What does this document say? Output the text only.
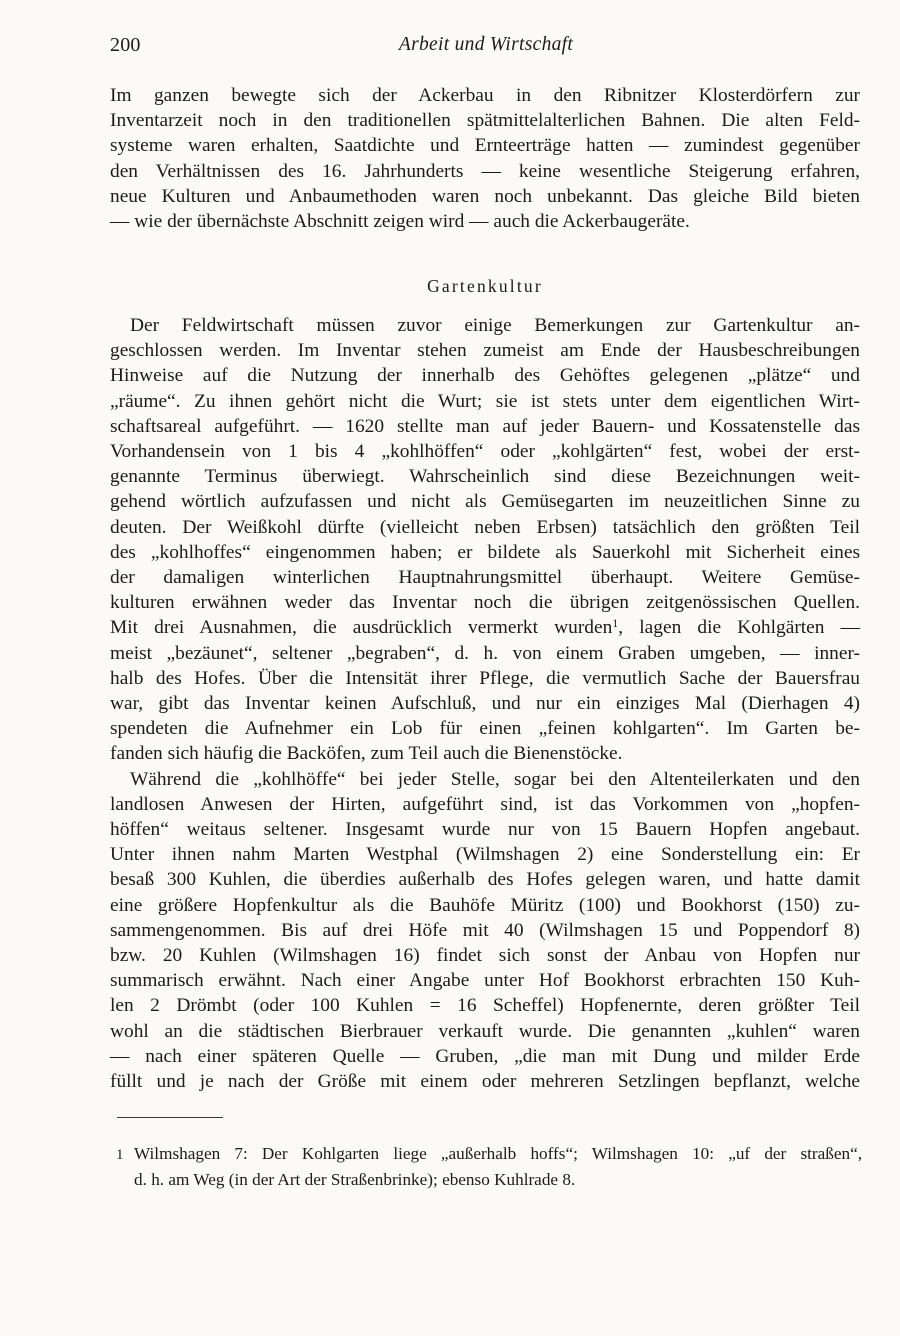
200	Arbeit und Wirtschaft

Im ganzen bewegte sich der Ackerbau in den Ribnitzer Klosterdörfern zur

Inventarzeit noch in den traditionellen spätmittelalterlichen Bahnen. Die alten Feld-

systeme waren erhalten, Saatdichte und Ernteerträge hatten — zumindest gegenüber

den Verhältnissen des 16. Jahrhunderts — keine wesentliche Steigerung erfahren,

neue Kulturen und Anbaumethoden waren noch unbekannt. Das gleiche Bild bieten

— wie der übernächste Abschnitt zeigen wird — auch die Ackerbaugeräte.

Gartenkultur

Der Feldwirtschaft müssen zuvor einige Bemerkungen zur Gartenkultur an-

geschlossen werden. Im Inventar stehen zumeist am Ende der Hausbeschreibungen

Hinweise auf die Nutzung der innerhalb des Gehöftes gelegenen „plätze“ und

„räume“. Zu ihnen gehört nicht die Wurt; sie ist stets unter dem eigentlichen Wirt-

schaftsareal aufgeführt. — 1620 stellte man auf jeder Bauern- und Kossatenstelle das

Vorhandensein von 1 bis 4 „kohlhöffen“ oder „kohlgärten“ fest, wobei der erst-

genannte Terminus überwiegt. Wahrscheinlich sind diese Bezeichnungen weit-

gehend wörtlich aufzufassen und nicht als Gemüsegarten im neuzeitlichen Sinne zu

deuten. Der Weißkohl dürfte (vielleicht neben Erbsen) tatsächlich den größten Teil

des „kohlhoffes“ eingenommen haben; er bildete als Sauerkohl mit Sicherheit eines

der damaligen winterlichen Hauptnahrungsmittel überhaupt. Weitere Gemüse-

kulturen erwähnen weder das Inventar noch die übrigen zeitgenössischen Quellen.

Mit drei Ausnahmen, die ausdrücklich vermerkt wurden$^1$, lagen die Kohlgärten —

meist „bezäunet“, seltener „begraben“, d. h. von einem Graben umgeben, — inner-

halb des Hofes. Über die Intensität ihrer Pflege, die vermutlich Sache der Bauersfrau

war, gibt das Inventar keinen Aufschluß, und nur ein einziges Mal (Dierhagen 4)

spendeten die Aufnehmer ein Lob für einen „feinen kohlgarten“. Im Garten be-

fanden sich häufig die Backöfen, zum Teil auch die Bienenstöcke.

Während die „kohlhöffe“ bei jeder Stelle, sogar bei den Altenteilerkaten und den

landlosen Anwesen der Hirten, aufgeführt sind, ist das Vorkommen von „hopfen-

höffen“ weitaus seltener. Insgesamt wurde nur von 15 Bauern Hopfen angebaut.

Unter ihnen nahm Marten Westphal (Wilmshagen 2) eine Sonderstellung ein: Er

besaß 300 Kuhlen, die überdies außerhalb des Hofes gelegen waren, und hatte damit

eine größere Hopfenkultur als die Bauhöfe Müritz (100) und Bookhorst (150) zu-

sammengenommen. Bis auf drei Höfe mit 40 (Wilmshagen 15 und Poppendorf 8)

bzw. 20 Kuhlen (Wilmshagen 16) findet sich sonst der Anbau von Hopfen nur

summarisch erwähnt. Nach einer Angabe unter Hof Bookhorst erbrachten 150 Kuh-

len 2 Drömbt (oder 100 Kuhlen = 16 Scheffel) Hopfenernte, deren größter Teil

wohl an die städtischen Bierbrauer verkauft wurde. Die genannten „kuhlen“ waren

— nach einer späteren Quelle — Gruben, „die man mit Dung und milder Erde

füllt und je nach der Größe mit einem oder mehreren Setzlingen bepflanzt, welche

1 Wilmshagen 7: Der Kohlgarten liege „außerhalb hoffs“; Wilmshagen 10: „uf der straßen“,

d. h. am Weg (in der Art der Straßenbrinke); ebenso Kuhlrade 8.
